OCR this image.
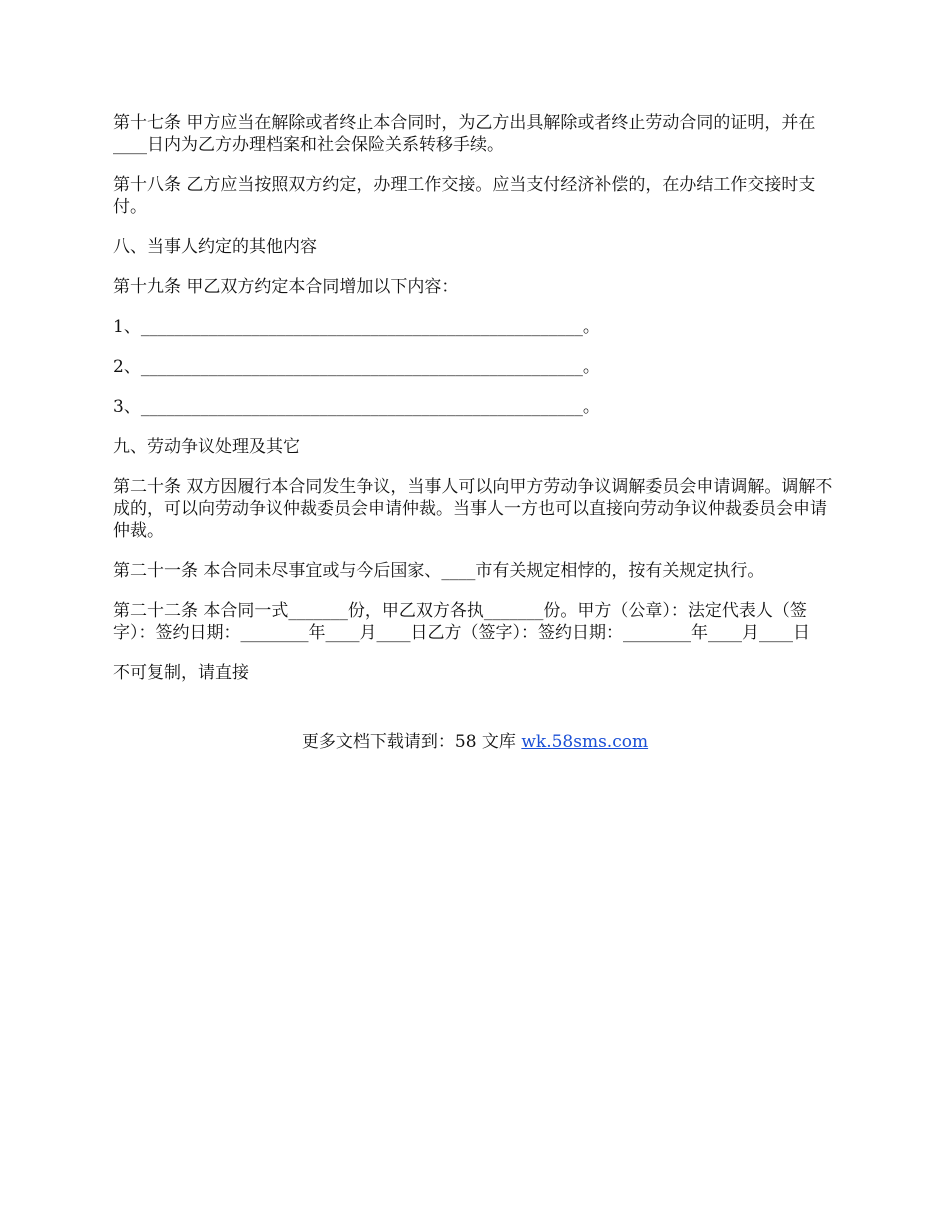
第十七条 甲方应当在解除或者终止本合同时，为乙方出具解除或者终止劳动合同的证明，并在____日内为乙方办理档案和社会保险关系转移手续。

第十八条 乙方应当按照双方约定，办理工作交接。应当支付经济补偿的，在办结工作交接时支付。

八、当事人约定的其他内容

第十九条 甲乙双方约定本合同增加以下内容：

1、____________________________________________________。

2、____________________________________________________。

3、____________________________________________________。

九、劳动争议处理及其它

第二十条 双方因履行本合同发生争议，当事人可以向甲方劳动争议调解委员会申请调解。调解不成的，可以向劳动争议仲裁委员会申请仲裁。当事人一方也可以直接向劳动争议仲裁委员会申请仲裁。

第二十一条 本合同未尽事宜或与今后国家、____市有关规定相悖的，按有关规定执行。

第二十二条 本合同一式_______份，甲乙双方各执_______份。甲方（公章）：法定代表人（签字）：签约日期：________年____月____日乙方（签字）：签约日期：________年____月____日

不可复制，请直接

更多文档下载请到：58 文库 wk.58sms.com
